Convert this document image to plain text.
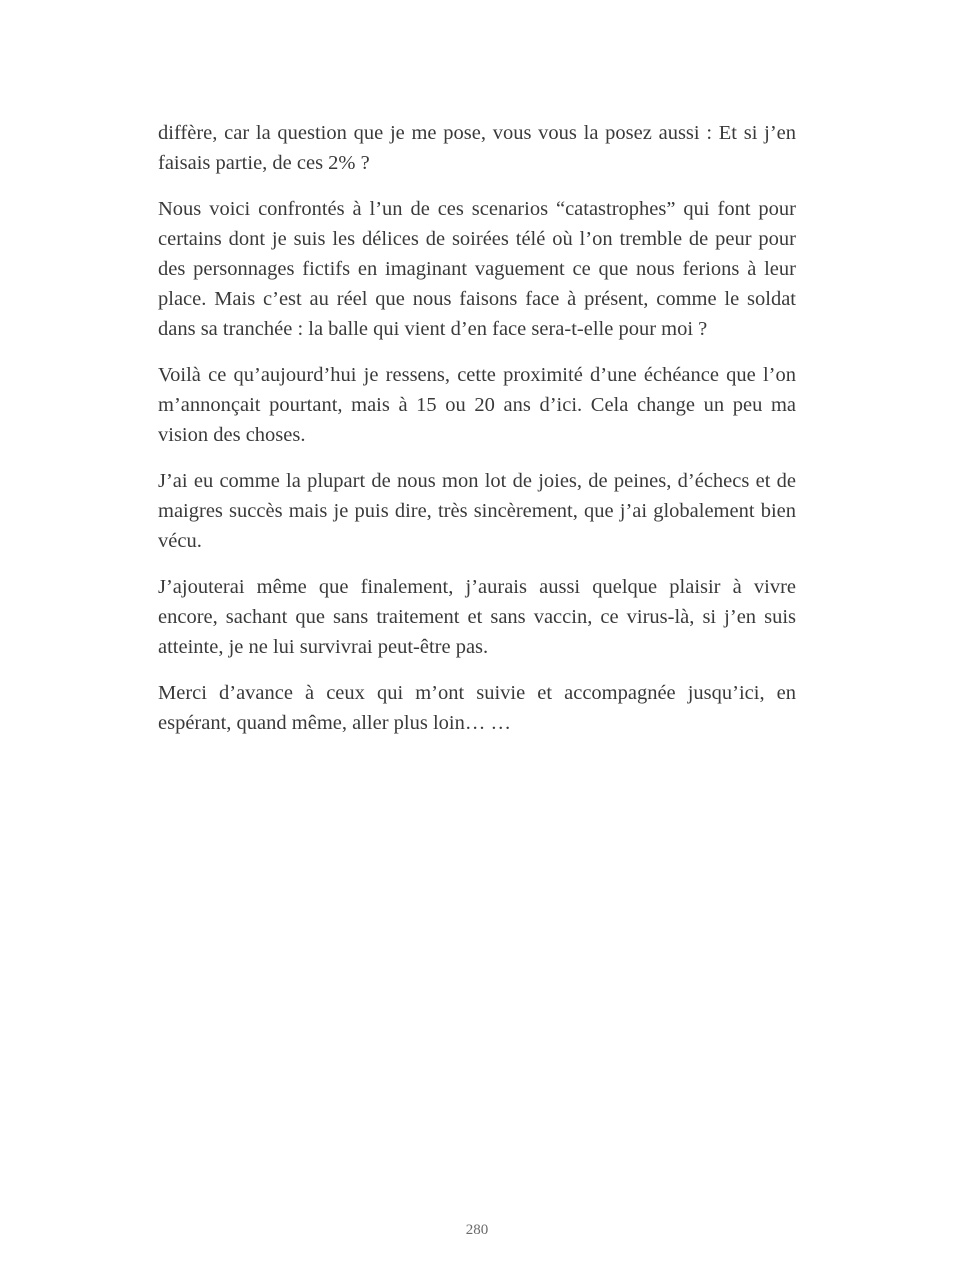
diffère, car la question que je me pose, vous vous la posez aussi : Et si j’en faisais partie, de ces 2% ?

Nous voici confrontés à l’un de ces scenarios “catastrophes” qui font pour certains dont je suis les délices de soirées télé où l’on tremble de peur pour des personnages fictifs en imaginant vaguement ce que nous ferions à leur place. Mais c’est au réel que nous faisons face à présent, comme le soldat dans sa tranchée : la balle qui vient d’en face sera-t-elle pour moi ?

Voilà ce qu’aujourd’hui je ressens, cette proximité d’une échéance que l’on m’annonçait pourtant, mais à 15 ou 20 ans d’ici. Cela change un peu ma vision des choses.

J’ai eu comme la plupart de nous mon lot de joies, de peines, d’échecs et de maigres succès mais je puis dire, très sincèrement, que j’ai globalement bien vécu.

J’ajouterai même que finalement, j’aurais aussi quelque plaisir à vivre encore, sachant que sans traitement et sans vaccin, ce virus-là, si j’en suis atteinte, je ne lui survivrai peut-être pas.

Merci d’avance à ceux qui m’ont suivie et accompagnée jusqu’ici, en espérant, quand même, aller plus loin… …

280
